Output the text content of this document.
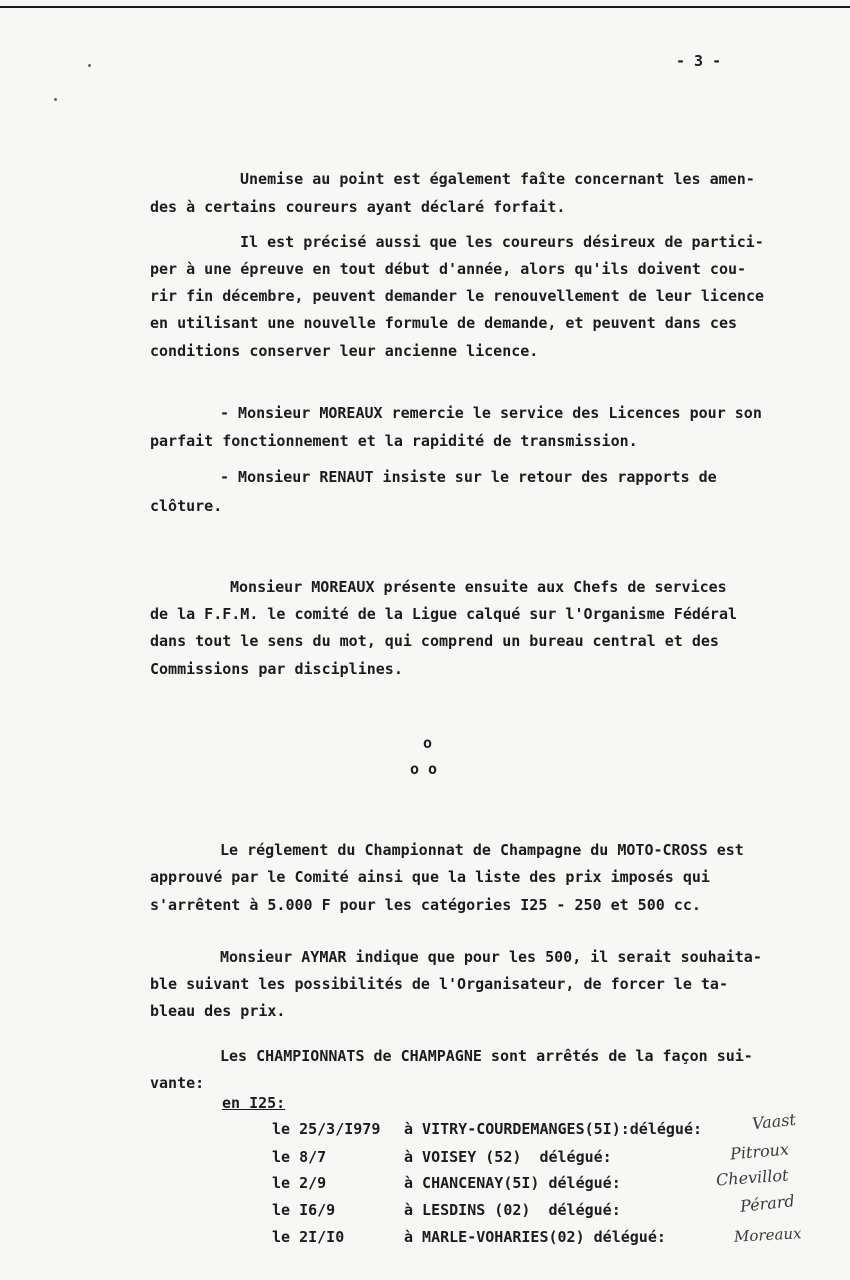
- 3 -
Unemise au point est également faîte concernant les amen-
des à certains coureurs ayant déclaré forfait.
Il est précisé aussi que les coureurs désireux de partici-
per à une épreuve en tout début d'année, alors qu'ils doivent cou-
rir fin décembre, peuvent demander le renouvellement de leur licence
en utilisant une nouvelle formule de demande, et peuvent dans ces
conditions conserver leur ancienne licence.
- Monsieur MOREAUX remercie le service des Licences pour son
parfait fonctionnement et la rapidité de transmission.
- Monsieur RENAUT insiste sur le retour des rapports de
clôture.
Monsieur MOREAUX présente ensuite aux Chefs de services
de la F.F.M. le comité de la Ligue calqué sur l'Organisme Fédéral
dans tout le sens du mot, qui comprend un bureau central et des
Commissions par disciplines.
o
o o
Le réglement du Championnat de Champagne du MOTO-CROSS est
approuvé par le Comité ainsi que la liste des prix imposés qui
s'arrêtent à 5.000 F pour les catégories I25 - 250 et 500 cc.
Monsieur AYMAR indique que pour les 500, il serait souhaita-
ble suivant les possibilités de l'Organisateur, de forcer le ta-
bleau des prix.
Les CHAMPIONNATS de CHAMPAGNE sont arrêtés de la façon sui-
vante:
en I25:
le 25/3/I979 à VITRY-COURDEMANGES(5I):délégué:	Vaast
le 8/7	à VOISEY (52)  délégué:	Pitroux
le 2/9	à CHANCENAY(5I) délégué:	Chevillot
le I6/9	à LESDINS (02)  délégué:	Pérard
le 2I/I0	à MARLE-VOHARIES(02) délégué:	Moreaux
